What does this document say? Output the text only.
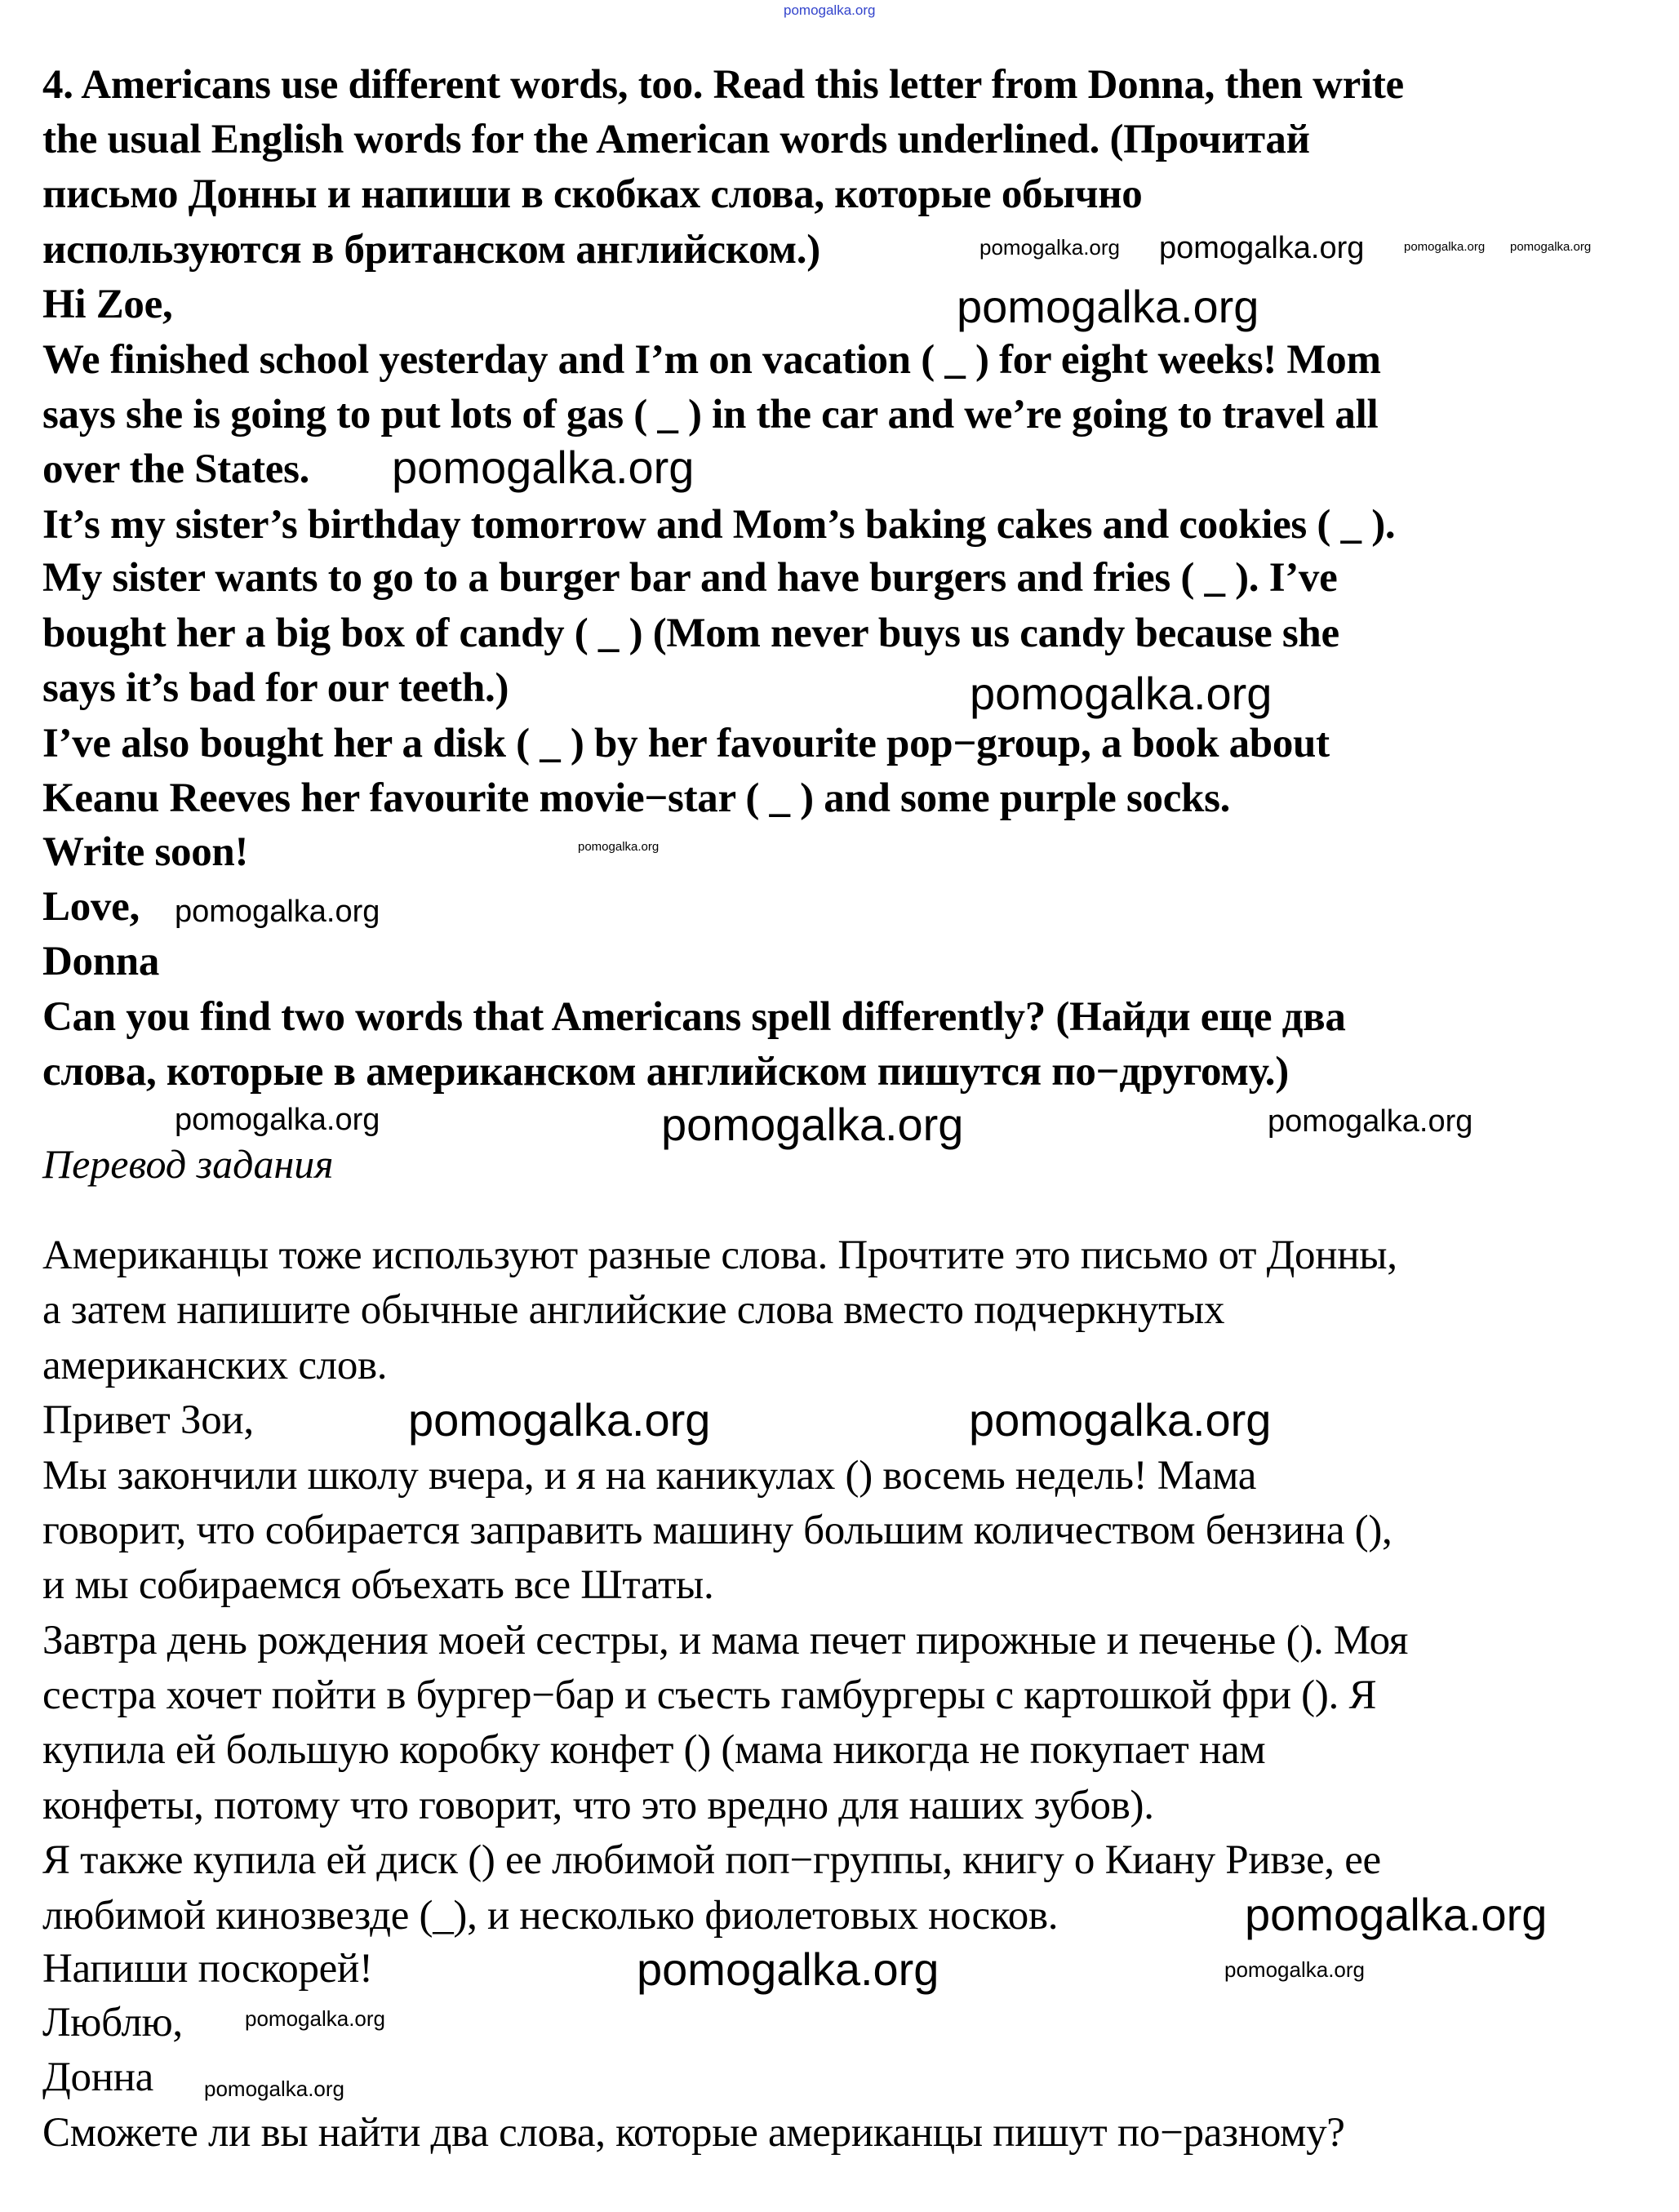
4. Americans use different words, too. Read this letter from Donna, then write
the usual English words for the American words underlined. (Прочитай
письмо Донны и напиши в скобках слова, которые обычно
используются в британском английском.)
Hi Zoe,
We finished school yesterday and I’m on vacation ( _ ) for eight weeks! Mom
says she is going to put lots of gas ( _ ) in the car and we’re going to travel all
over the States.
It’s my sister’s birthday tomorrow and Mom’s baking cakes and cookies ( _ ).
My sister wants to go to a burger bar and have burgers and fries ( _ ). I’ve
bought her a big box of candy ( _ ) (Mom never buys us candy because she
says it’s bad for our teeth.)
I’ve also bought her a disk ( _ ) by her favourite pop−group, a book about
Keanu Reeves her favourite movie−star ( _ ) and some purple socks.
Write soon!
Love,
Donna
Can you find two words that Americans spell differently? (Найди еще два
слова, которые в американском английском пишутся по−другому.)
Перевод задания
Американцы тоже используют разные слова. Прочтите это письмо от Донны,
а затем напишите обычные английские слова вместо подчеркнутых
американских слов.
Привет Зои,
Мы закончили школу вчера, и я на каникулах () восемь недель! Мама
говорит, что собирается заправить машину большим количеством бензина (),
и мы собираемся объехать все Штаты.
Завтра день рождения моей сестры, и мама печет пирожные и печенье (). Моя
сестра хочет пойти в бургер−бар и съесть гамбургеры с картошкой фри (). Я
купила ей большую коробку конфет () (мама никогда не покупает нам
конфеты, потому что говорит, что это вредно для наших зубов).
Я также купила ей диск () ее любимой поп−группы, книгу о Киану Ривзе, ее
любимой кинозвезде (_), и несколько фиолетовых носков.
Напиши поскорей!
Люблю,
Донна
Сможете ли вы найти два слова, которые американцы пишут по−разному?
pomogalka.org
pomogalka.org
pomogalka.org pomogalka.org	pomogalka.org
pomogalka.org
pomogalka.org
pomogalka.org
pomogalka.org
pomogalka.org
pomogalka.org	pomogalka.org	pomogalka.org
pomogalka.org	pomogalka.org
pomogalka.org
pomogalka.org
pomogalka.org
pomogalka.org
pomogalka.org
